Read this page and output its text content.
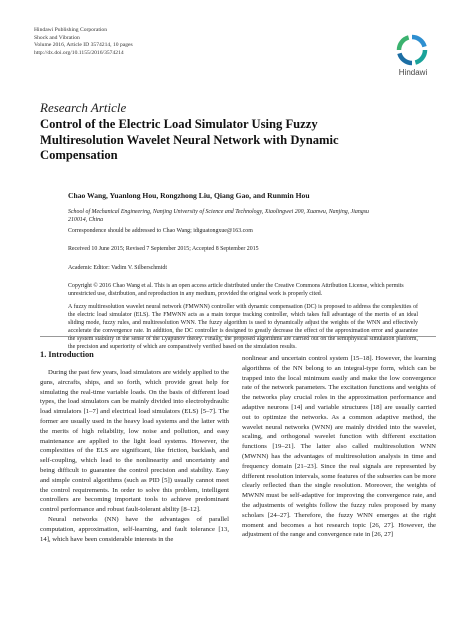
Hindawi Publishing Corporation
Shock and Vibration
Volume 2016, Article ID 3574214, 10 pages
http://dx.doi.org/10.1155/2016/3574214
Hindawi
Research Article
Control of the Electric Load Simulator Using Fuzzy Multiresolution Wavelet Neural Network with Dynamic Compensation
Chao Wang, Yuanlong Hou, Rongzhong Liu, Qiang Gao, and Runmin Hou
School of Mechanical Engineering, Nanjing University of Science and Technology, Xiaolingwei 200, Xuanwu, Nanjing, Jiangsu 210014, China
Correspondence should be addressed to Chao Wang; idiguatongxue@163.com
Received 10 June 2015; Revised 7 September 2015; Accepted 8 September 2015
Academic Editor: Vadim V. Silberschmidt
Copyright © 2016 Chao Wang et al. This is an open access article distributed under the Creative Commons Attribution License, which permits unrestricted use, distribution, and reproduction in any medium, provided the original work is properly cited.
A fuzzy multiresolution wavelet neural network (FMWNN) controller with dynamic compensation (DC) is proposed to address the complexities of the electric load simulator (ELS). The FMWNN acts as a main torque tracking controller, which takes full advantage of the merits of an ideal sliding mode, fuzzy rules, and multiresolution WNN. The fuzzy algorithm is used to dynamically adjust the weights of the WNN and effectively accelerate the convergence rate. In addition, the DC controller is designed to greatly decrease the effect of the approximation error and guarantee the system stability in the sense of the Lyapunov theory. Finally, the proposed algorithms are carried out on the semiphysical simulation platform, the precision and superiority of which are comparatively verified based on the simulation results.
1. Introduction

During the past few years, load simulators are widely applied to the guns, aircrafts, ships, and so forth, which provide great help for simulating the real-time variable loads. On the basis of different load types, the load simulators can be mainly divided into electrohydraulic load simulators [1–7] and electrical load simulators (ELS) [5–7]. The former are usually used in the heavy load systems and the latter with the merits of high reliability, low noise and pollution, and easy maintenance are applied to the light load systems. However, the complexities of the ELS are significant, like friction, backlash, and self-coupling, which lead to the nonlinearity and uncertainty and being difficult to guarantee the control precision and stability. Easy and simple control algorithms (such as PID [5]) usually cannot meet the control requirements. In order to solve this problem, intelligent controllers are becoming important tools to achieve predominant control performance and robust fault-tolerant ability [8–12].

Neural networks (NN) have the advantages of parallel computation, approximation, self-learning, and fault tolerance [13, 14], which have been considerable interests in the

nonlinear and uncertain control system [15–18]. However, the learning algorithms of the NN belong to an integral-type form, which can be trapped into the local minimum easily and make the low convergence rate of the network parameters. The excitation functions and weights of the networks play crucial roles in the approximation performance and adaptive neurons [14] and variable structures [18] are usually carried out to optimize the networks. As a common adaptive method, the wavelet neural networks (WNN) are mainly divided into the wavelet, scaling, and orthogonal wavelet function with different excitation functions [19–21]. The latter also called multiresolution WNN (MWNN) has the advantages of multiresolution analysis in time and frequency domain [21–23]. Since the real signals are represented by different resolution intervals, some features of the subseries can be more clearly reflected than the single resolution. Moreover, the weights of MWNN must be self-adaptive for improving the convergence rate, and the adjustments of weights follow the fuzzy rules proposed by many scholars [24–27]. Therefore, the fuzzy WNN emerges at the right moment and becomes a hot research topic [26, 27]. However, the adjustment of the range and convergence rate in [26, 27]
